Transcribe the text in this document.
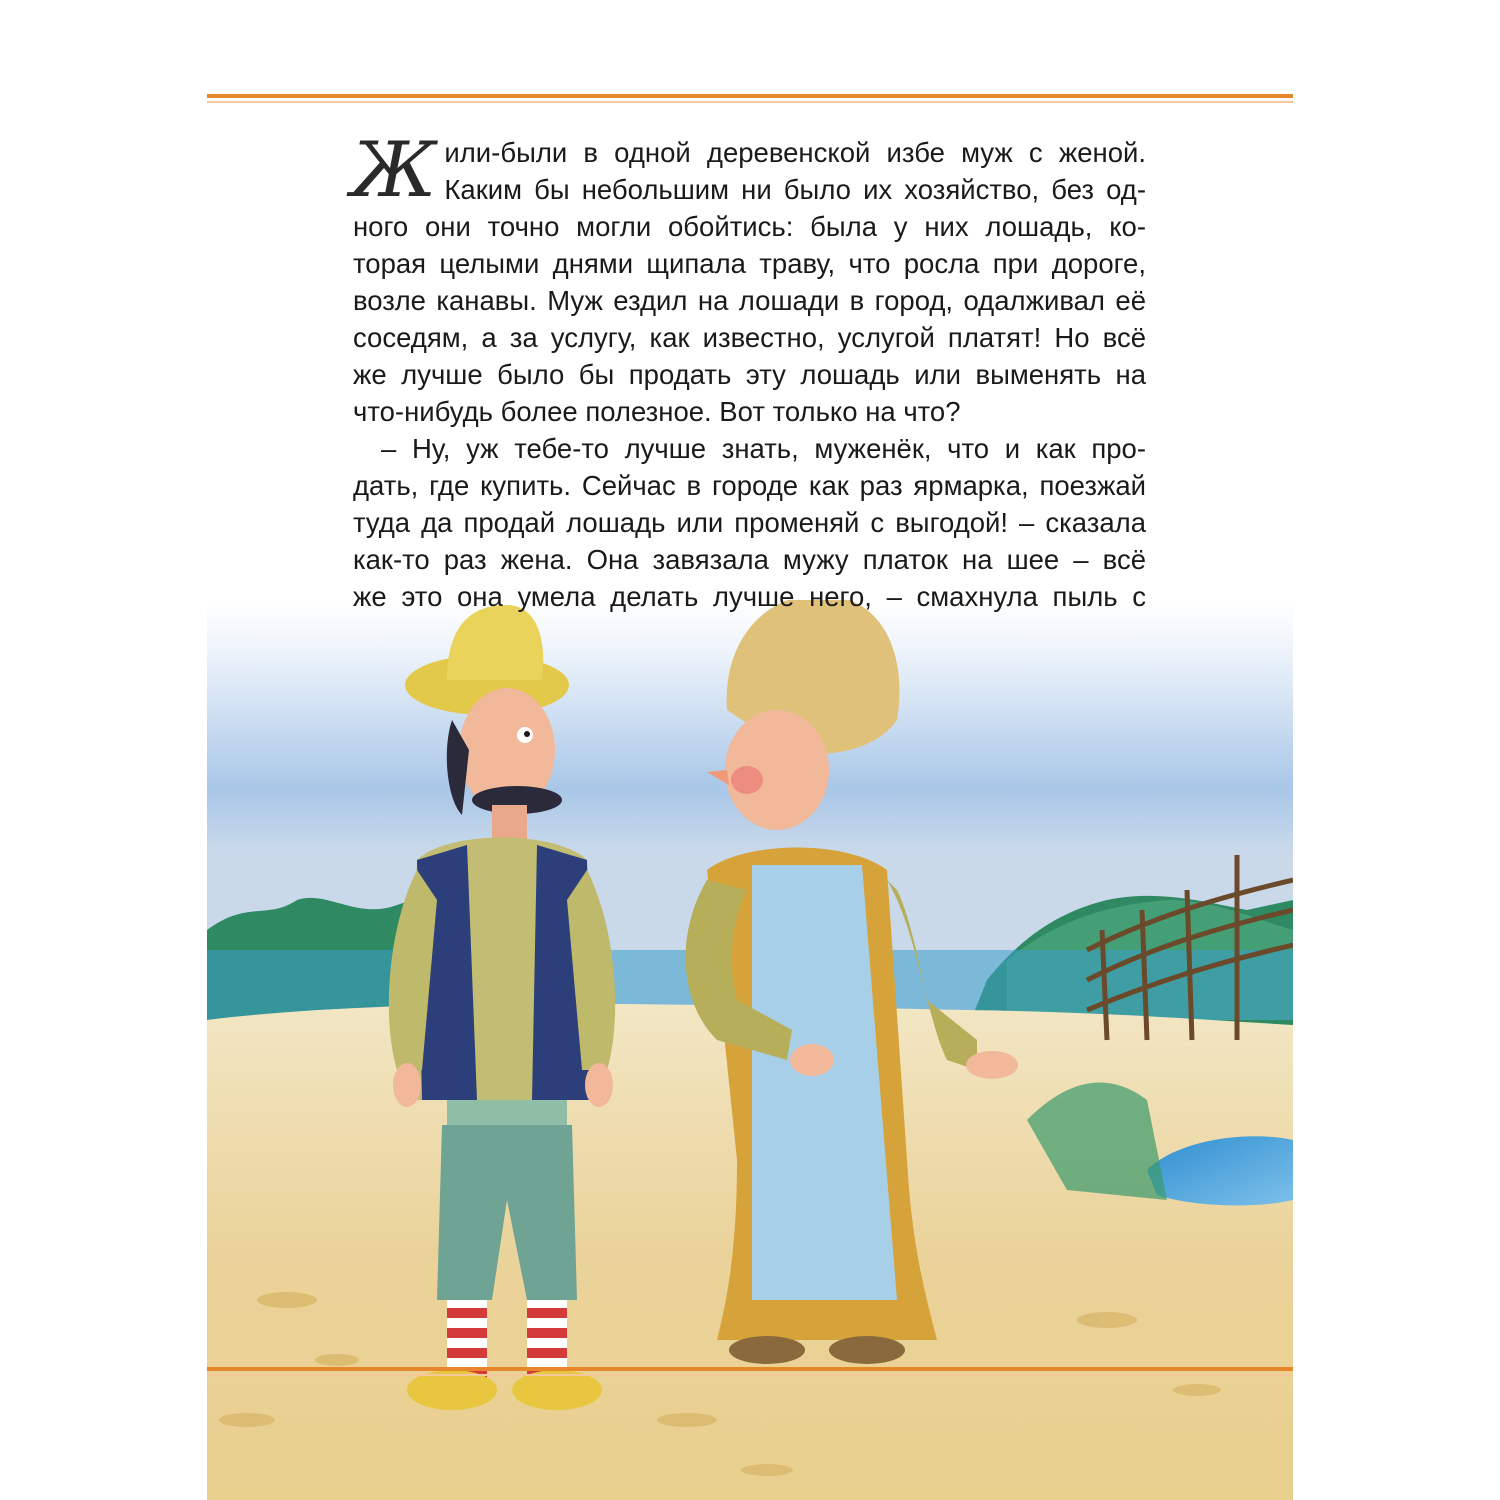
Ж или-были в одной деревенской избе муж с женой.
Каким бы небольшим ни было их хозяйство, без од-
ного они точно могли обойтись: была у них лошадь, ко-
торая целыми днями щипала траву, что росла при дороге,
возле канавы. Муж ездил на лошади в город, одалживал её
соседям, а за услугу, как известно, услугой платят! Но всё
же лучше было бы продать эту лошадь или выменять на
что-нибудь более полезное. Вот только на что?
– Ну, уж тебе-то лучше знать, муженёк, что и как про-
дать, где купить. Сейчас в городе как раз ярмарка, поезжай
туда да продай лошадь или променяй с выгодой! – сказала
как-то раз жена. Она завязала мужу платок на шее – всё
же это она умела делать лучше него, – смахнула пыль с
